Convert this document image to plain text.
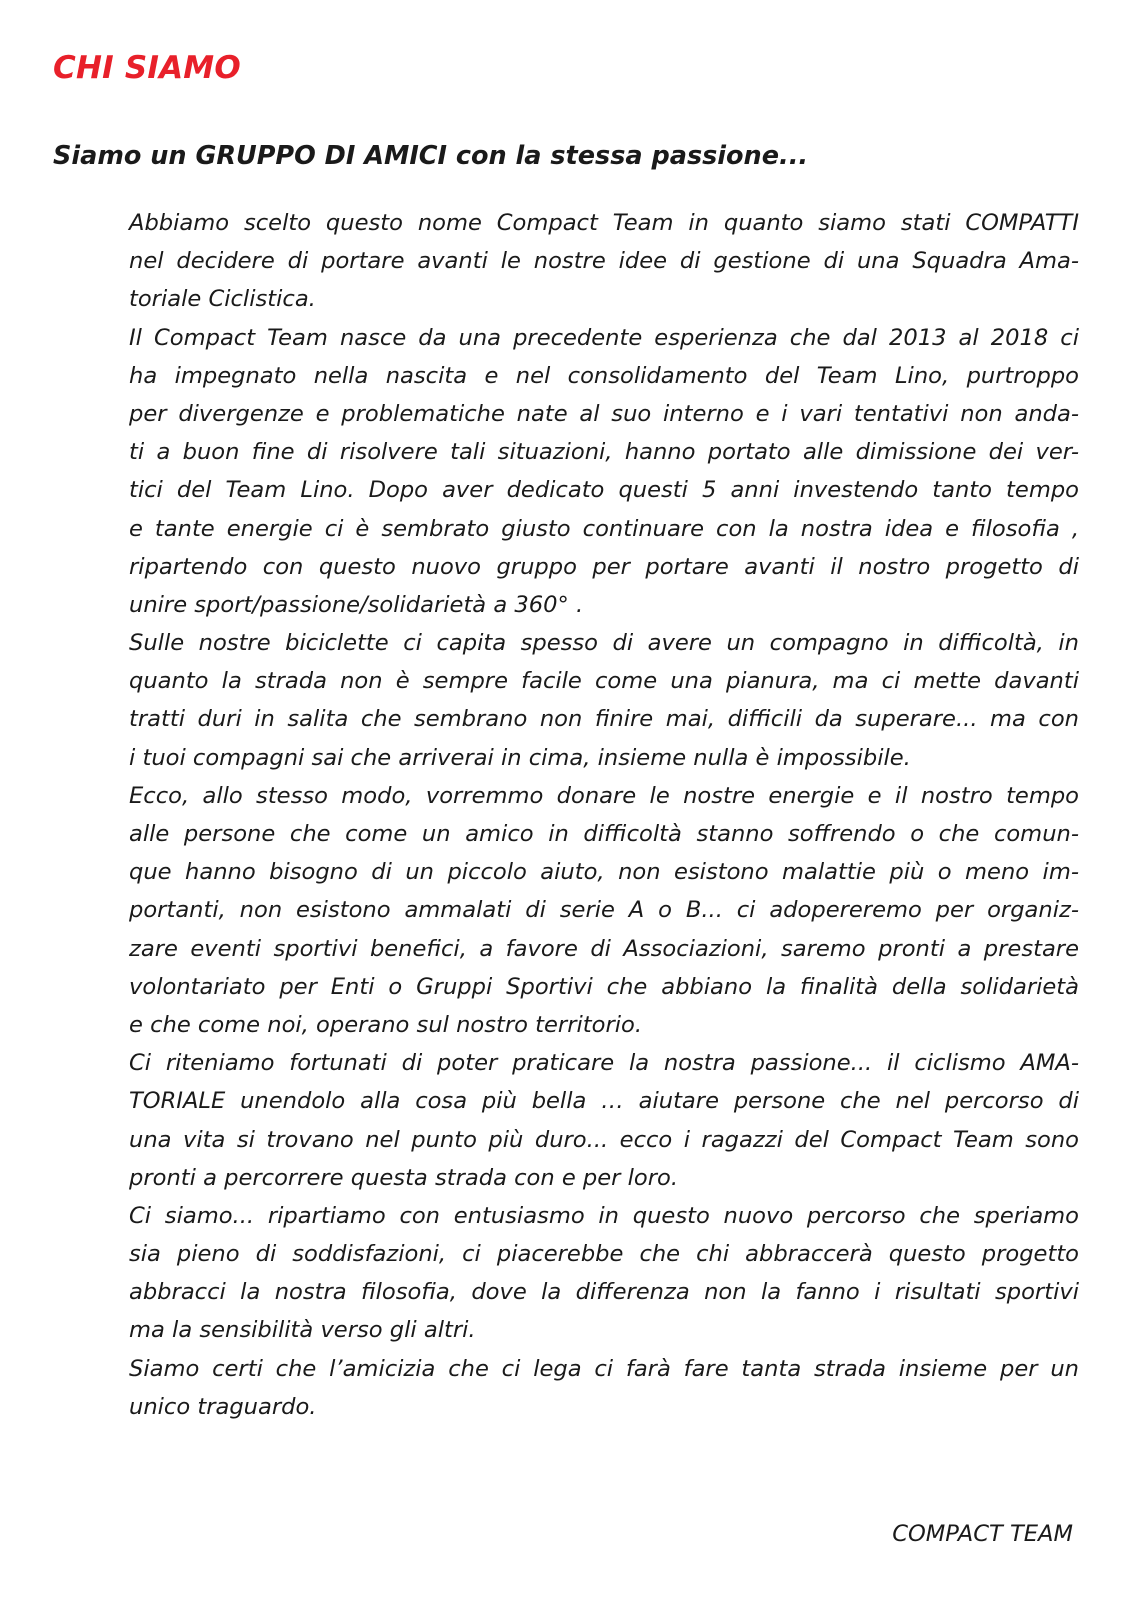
CHI SIAMO
Siamo un GRUPPO DI AMICI con la stessa passione...
Abbiamo scelto questo nome Compact Team in quanto siamo stati COMPATTI
nel decidere di portare avanti le nostre idee di gestione di una Squadra Ama-
toriale Ciclistica.
Il Compact Team nasce da una precedente esperienza che dal 2013 al 2018 ci
ha impegnato nella nascita e nel consolidamento del Team Lino, purtroppo
per divergenze e problematiche nate al suo interno e i vari tentativi non anda-
ti a buon fine di risolvere tali situazioni, hanno portato alle dimissione dei ver-
tici del Team Lino. Dopo aver dedicato questi 5 anni investendo tanto tempo
e tante energie ci è sembrato giusto continuare con la nostra idea e filosofia ,
ripartendo con questo nuovo gruppo per portare avanti il nostro progetto di
unire sport/passione/solidarietà a 360° .
Sulle nostre biciclette ci capita spesso di avere un compagno in difficoltà, in
quanto la strada non è sempre facile come una pianura, ma ci mette davanti
tratti duri in salita che sembrano non finire mai, difficili da superare... ma con
i tuoi compagni sai che arriverai in cima, insieme nulla è impossibile.
Ecco, allo stesso modo, vorremmo donare le nostre energie e il nostro tempo
alle persone che come un amico in difficoltà stanno soffrendo o che comun-
que hanno bisogno di un piccolo aiuto, non esistono malattie più o meno im-
portanti, non esistono ammalati di serie A o B... ci adopereremo per organiz-
zare eventi sportivi benefici, a favore di Associazioni, saremo pronti a prestare
volontariato per Enti o Gruppi Sportivi che abbiano la finalità della solidarietà
e che come noi, operano sul nostro territorio.
Ci riteniamo fortunati di poter praticare la nostra passione... il ciclismo AMA-
TORIALE unendolo alla cosa più bella … aiutare persone che nel percorso di
una vita si trovano nel punto più duro... ecco i ragazzi del Compact Team sono
pronti a percorrere questa strada con e per loro.
Ci siamo... ripartiamo con entusiasmo in questo nuovo percorso che speriamo
sia pieno di soddisfazioni, ci piacerebbe che chi abbraccerà questo progetto
abbracci la nostra filosofia, dove la differenza non la fanno i risultati sportivi
ma la sensibilità verso gli altri.
Siamo certi che l’amicizia che ci lega ci farà fare tanta strada insieme per un
unico traguardo.

COMPACT TEAM
